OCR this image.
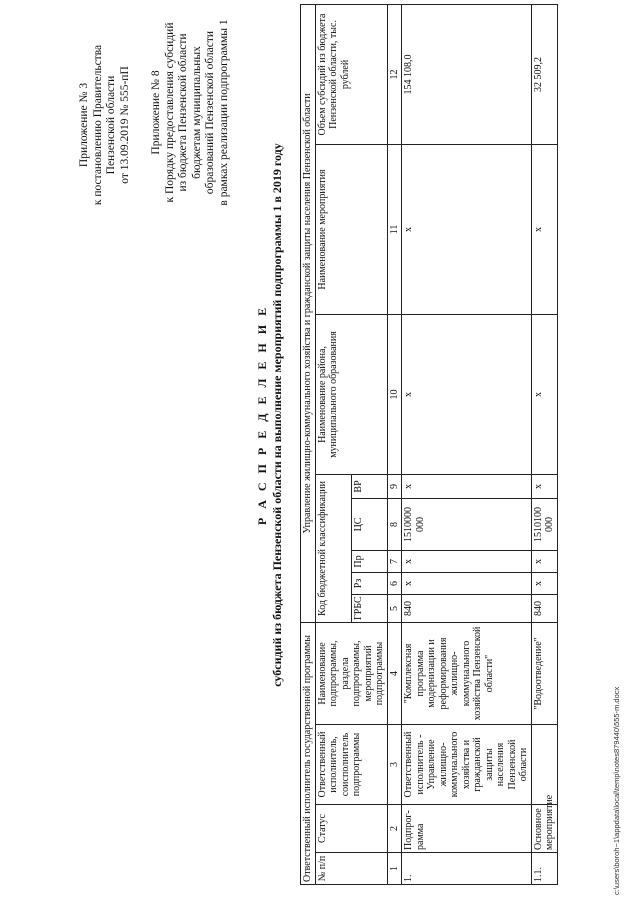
Приложение № 3 к постановлению Правительства Пензенской области от 13.09.2019 № 555-пП Приложение № 8 к Порядку предоставления субсидий из бюджета Пензенской области бюджетам муниципальных образований Пензенской области в рамках реализации подпрограммы 1
Р А С П Р Е Д Е Л Е Н И Е субсидий из бюджета Пензенской области на выполнение мероприятий подпрограммы 1 в 2019 году
Ответственный исполнитель государственной программы				Управление жилищно-коммунального хозяйства и гражданской защиты населения Пензенской области							
№ п/п	Статус	Ответственный исполнитель, соисполнитель подпрограммы	Наименование подпрограммы, раздела подпрограммы, мероприятий подпрограммы	Код бюджетной классификации					Наименование района, муниципального образования	Наименование мероприятия	Объем субсидий из бюджета Пензенской области, тыс. рублей
				ГРБС	Рз	Пр	ЦС	ВР			
1	2	3	4	5	6	7	8	9	10	11	12
1.	Подпрог-рамма	Ответственный исполнитель - Управление жилищно-коммунального хозяйства и гражданской защиты населения Пензенской области	"Комплексная программа модернизации и реформирования жилищно-коммунального хозяйства Пензенской области"	840	x	x	1510000 000	x	x	x	154 108,0
1.1.	Основное мероприятие		"Водоотведение"	840	x	x	1510100 000	x	x	x	32 509,2
c:\users\boroh~1\appdata\local\temp\notes879440\555-m.docx
